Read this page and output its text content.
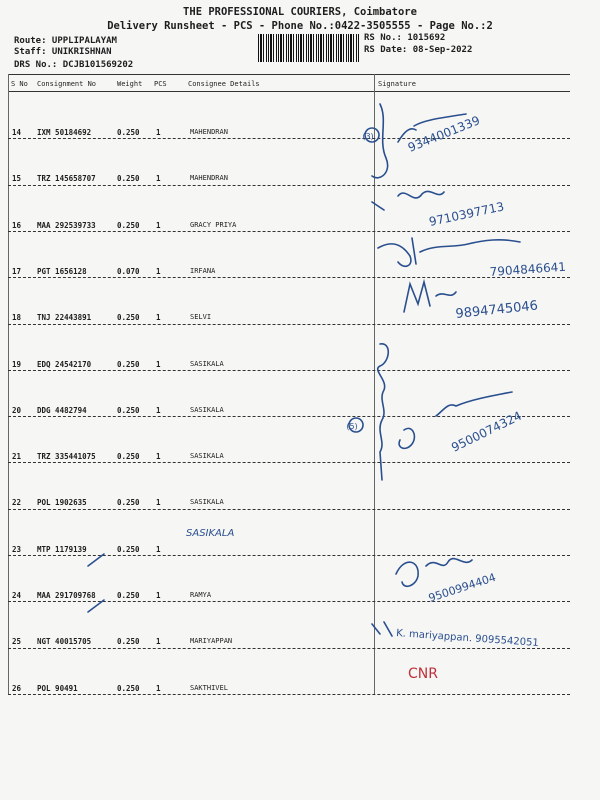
THE PROFESSIONAL COURIERS, Coimbatore
Delivery Runsheet - PCS - Phone No.:0422-3505555 - Page No.:2
Route: UPPLIPALAYAM
Staff: UNIKRISHNAN
DRS No.: DCJB101569202
RS No.: 1015692
RS Date: 08-Sep-2022
S No Consignment No	Weight PCS	Consignee Details	Signature
14 IXM 50184692	0.250 1	MAHENDRAN
15 TRZ 145658707	0.250 1	MAHENDRAN
16 MAA 292539733	0.250 1	GRACY PRIYA
17 PGT 1656128	0.070 1	IRFANA
18 TNJ 22443891	0.250 1	SELVI
19 EDQ 24542170	0.250 1	SASIKALA
20 DDG 4482794	0.250 1	SASIKALA
21 TRZ 335441075	0.250 1	SASIKALA
22 POL 1902635	0.250 1	SASIKALA
23 MTP 1179139	0.250 1
24 MAA 291709768	0.250 1	RAMYA
25 NGT 40015705	0.250 1	MARIYAPPAN
26 POL 90491	0.250 1	SAKTHIVEL
9344001339
(3)
9710397713
7904846641
9894745046
(5)	9500074324
SASIKALA
9500994404
K. mariyappan. 9095542051
CNR
